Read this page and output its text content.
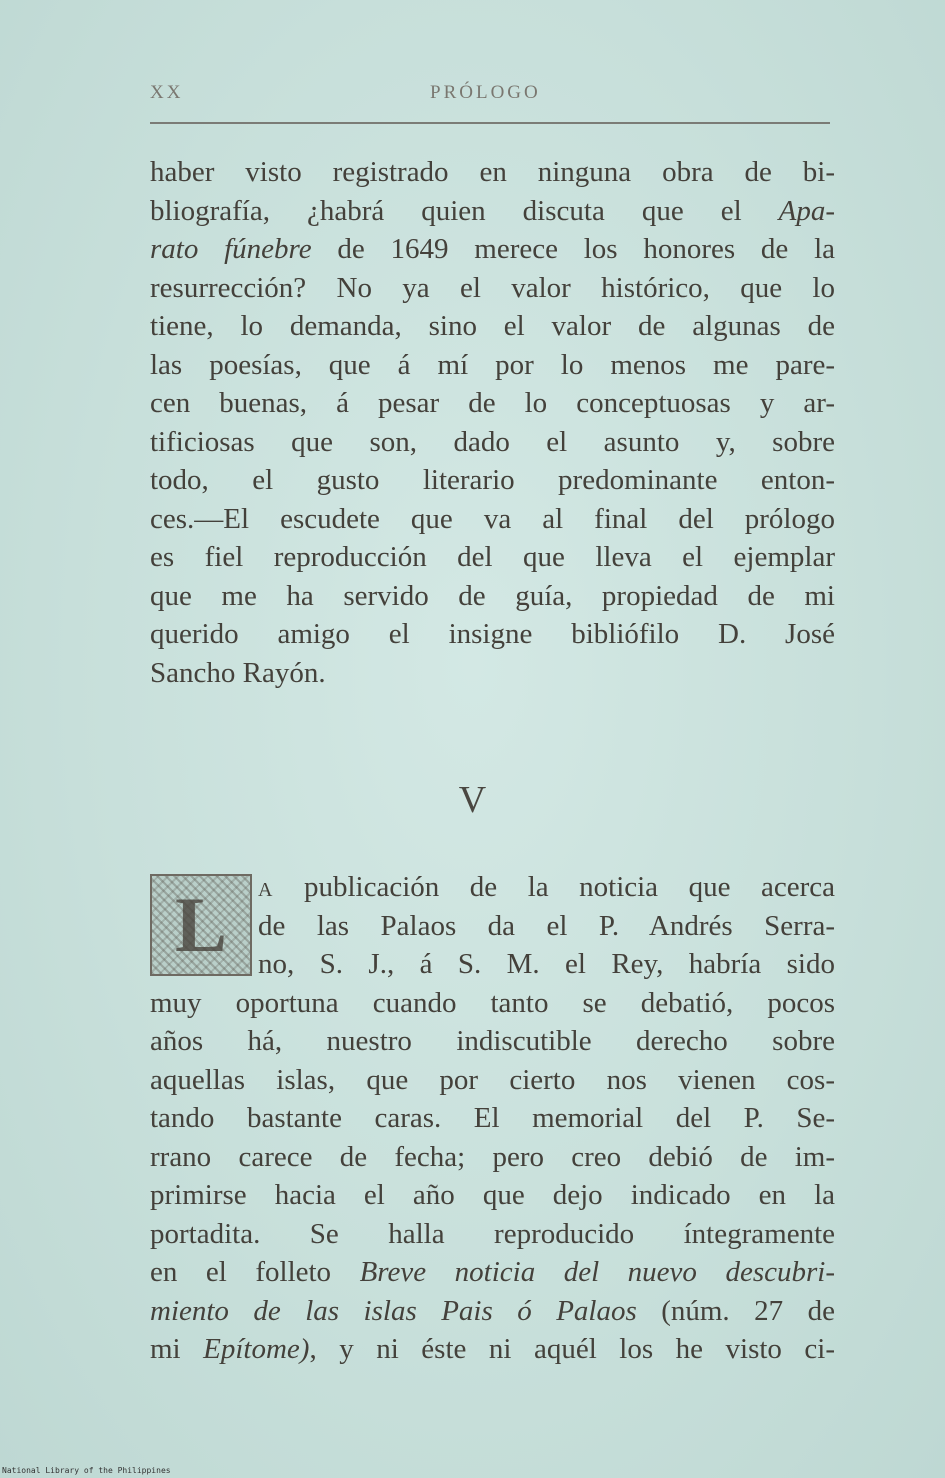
XX	PRÓLOGO
haber visto registrado en ninguna obra de bi-
bliografía, ¿habrá quien discuta que el Apa-
rato fúnebre de 1649 merece los honores de la
resurrección? No ya el valor histórico, que lo
tiene, lo demanda, sino el valor de algunas de
las poesías, que á mí por lo menos me pare-
cen buenas, á pesar de lo conceptuosas y ar-
tificiosas que son, dado el asunto y, sobre
todo, el gusto literario predominante enton-
ces.—El escudete que va al final del prólogo
es fiel reproducción del que lleva el ejemplar
que me ha servido de guía, propiedad de mi
querido amigo el insigne bibliófilo D. José
Sancho Rayón.
V
L	A publicación de la noticia que acerca
de las Palaos da el P. Andrés Serra-
no, S. J., á S. M. el Rey, habría sido
muy oportuna cuando tanto se debatió, pocos
años há, nuestro indiscutible derecho sobre
aquellas islas, que por cierto nos vienen cos-
tando bastante caras. El memorial del P. Se-
rrano carece de fecha; pero creo debió de im-
primirse hacia el año que dejo indicado en la
portadita. Se halla reproducido íntegramente
en el folleto Breve noticia del nuevo descubri-
miento de las islas Pais ó Palaos (núm. 27 de
mi Epítome), y ni éste ni aquél los he visto ci-
National Library of the Philippines
